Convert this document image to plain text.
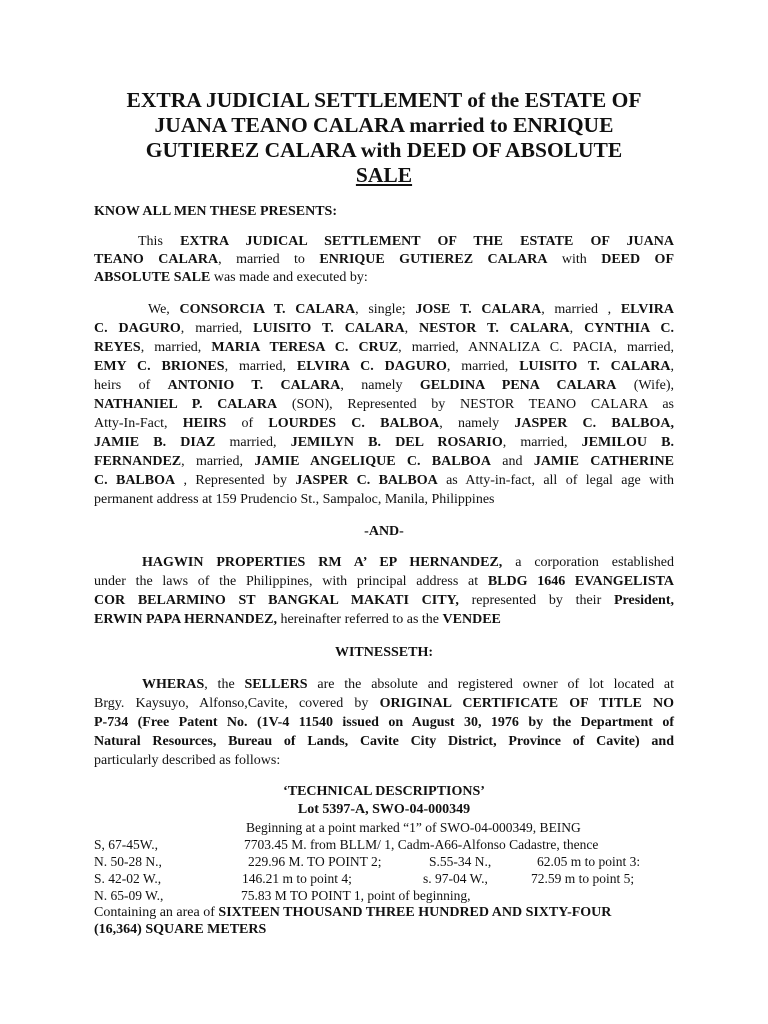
EXTRA JUDICIAL SETTLEMENT of the ESTATE OF
JUANA TEANO CALARA married to ENRIQUE
GUTIEREZ CALARA with DEED OF ABSOLUTE
SALE
KNOW ALL MEN THESE PRESENTS:
This EXTRA JUDICAL SETTLEMENT OF THE ESTATE OF JUANA
TEANO CALARA, married to ENRIQUE GUTIEREZ CALARA with DEED OF
ABSOLUTE SALE was made and executed by:
We, CONSORCIA T. CALARA, single; JOSE T. CALARA, married , ELVIRA
C. DAGURO, married, LUISITO T. CALARA, NESTOR T. CALARA, CYNTHIA C.
REYES, married, MARIA TERESA C. CRUZ, married, ANNALIZA C. PACIA, married,
EMY C. BRIONES, married, ELVIRA C. DAGURO, married, LUISITO T. CALARA,
heirs of ANTONIO T. CALARA, namely GELDINA PENA CALARA (Wife),
NATHANIEL P. CALARA (SON), Represented by NESTOR TEANO CALARA as
Atty-In-Fact, HEIRS of LOURDES C. BALBOA, namely JASPER C. BALBOA,
JAMIE B. DIAZ married, JEMILYN B. DEL ROSARIO, married, JEMILOU B.
FERNANDEZ, married, JAMIE ANGELIQUE C. BALBOA and JAMIE CATHERINE
C. BALBOA , Represented by JASPER C. BALBOA as Atty-in-fact, all of legal age with
permanent address at 159 Prudencio St., Sampaloc, Manila, Philippines
-AND-
HAGWIN PROPERTIES RM A’ EP HERNANDEZ, a corporation established
under the laws of the Philippines, with principal address at BLDG 1646 EVANGELISTA
COR BELARMINO ST BANGKAL MAKATI CITY, represented by their President,
ERWIN PAPA HERNANDEZ, hereinafter referred to as the VENDEE
WITNESSETH:
WHERAS, the SELLERS are the absolute and registered owner of lot located at
Brgy. Kaysuyo, Alfonso,Cavite, covered by ORIGINAL CERTIFICATE OF TITLE NO
P-734 (Free Patent No. (1V-4 11540 issued on August 30, 1976 by the Department of
Natural Resources, Bureau of Lands, Cavite City District, Province of Cavite) and
particularly described as follows:
‘TECHNICAL DESCRIPTIONS’
Lot 5397-A, SWO-04-000349
Beginning at a point marked “1” of SWO-04-000349, BEING
S, 67-45W.,	7703.45 M. from BLLM/ 1, Cadm-A66-Alfonso Cadastre, thence
N. 50-28 N.,	229.96 M. TO POINT 2;	S.55-34 N.,	62.05 m to point 3:
S. 42-02 W.,	146.21 m to point 4;	s. 97-04 W.,	72.59 m to point 5;
N. 65-09 W.,	75.83 M TO POINT 1, point of beginning,
Containing an area of SIXTEEN THOUSAND THREE HUNDRED AND SIXTY-FOUR
(16,364) SQUARE METERS
